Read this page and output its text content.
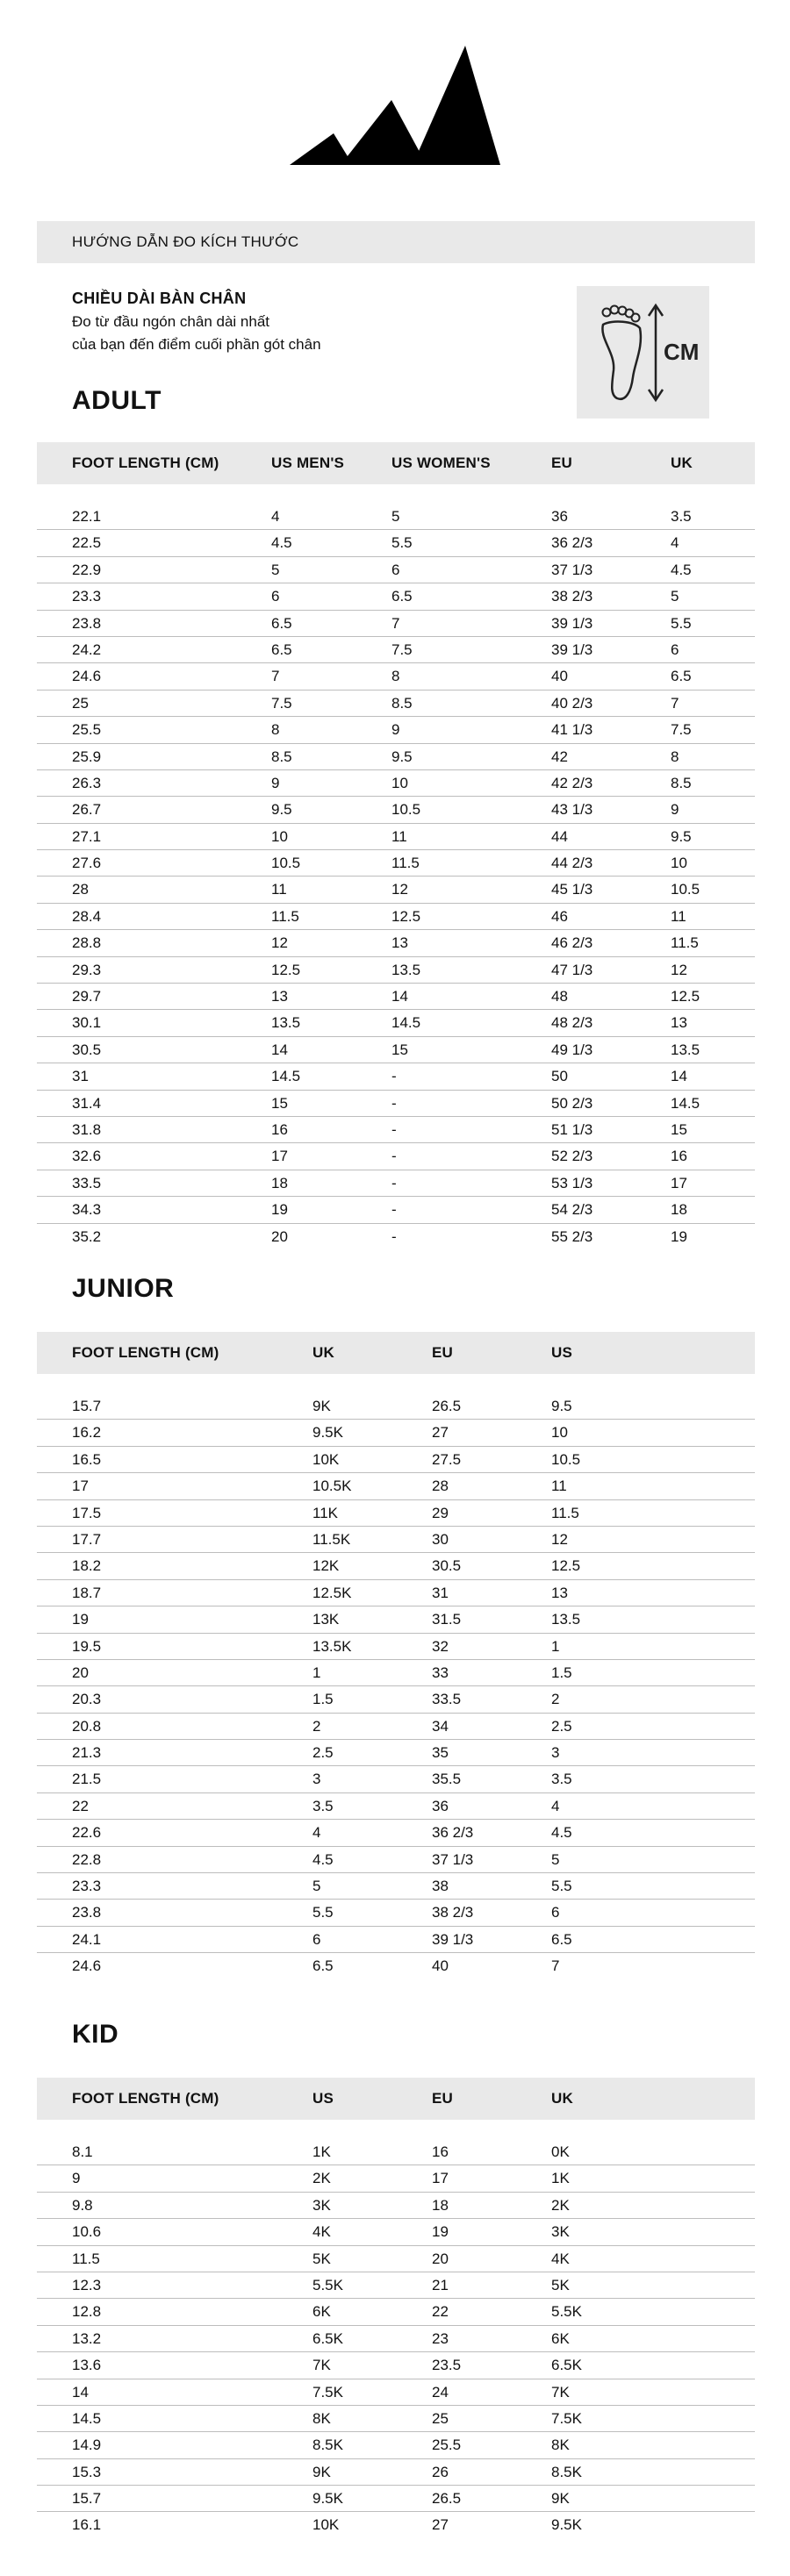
HƯỚNG DẪN ĐO KÍCH THƯỚC
CHIỀU DÀI BÀN CHÂN
Đo từ đầu ngón chân dài nhất
của bạn đến điểm cuối phần gót chân	CM
ADULT
FOOT LENGTH (CM)	US MEN'S	US WOMEN'S	EU	UK
22.1	4	5	36	3.5
22.5	4.5	5.5	36 2/3	4
22.9	5	6	37 1/3	4.5
23.3	6	6.5	38 2/3	5
23.8	6.5	7	39 1/3	5.5
24.2	6.5	7.5	39 1/3	6
24.6	7	8	40	6.5
25	7.5	8.5	40 2/3	7
25.5	8	9	41 1/3	7.5
25.9	8.5	9.5	42	8
26.3	9	10	42 2/3	8.5
26.7	9.5	10.5	43 1/3	9
27.1	10	11	44	9.5
27.6	10.5	11.5	44 2/3	10
28	11	12	45 1/3	10.5
28.4	11.5	12.5	46	11
28.8	12	13	46 2/3	11.5
29.3	12.5	13.5	47 1/3	12
29.7	13	14	48	12.5
30.1	13.5	14.5	48 2/3	13
30.5	14	15	49 1/3	13.5
31	14.5	-	50	14
31.4	15	-	50 2/3	14.5
31.8	16	-	51 1/3	15
32.6	17	-	52 2/3	16
33.5	18	-	53 1/3	17
34.3	19	-	54 2/3	18
35.2	20	-	55 2/3	19
JUNIOR
FOOT LENGTH (CM)	UK	EU	US
15.7	9K	26.5	9.5
16.2	9.5K	27	10
16.5	10K	27.5	10.5
17	10.5K	28	11
17.5	11K	29	11.5
17.7	11.5K	30	12
18.2	12K	30.5	12.5
18.7	12.5K	31	13
19	13K	31.5	13.5
19.5	13.5K	32	1
20	1	33	1.5
20.3	1.5	33.5	2
20.8	2	34	2.5
21.3	2.5	35	3
21.5	3	35.5	3.5
22	3.5	36	4
22.6	4	36 2/3	4.5
22.8	4.5	37 1/3	5
23.3	5	38	5.5
23.8	5.5	38 2/3	6
24.1	6	39 1/3	6.5
24.6	6.5	40	7
KID
FOOT LENGTH (CM)	US	EU	UK
8.1	1K	16	0K
9	2K	17	1K
9.8	3K	18	2K
10.6	4K	19	3K
11.5	5K	20	4K
12.3	5.5K	21	5K
12.8	6K	22	5.5K
13.2	6.5K	23	6K
13.6	7K	23.5	6.5K
14	7.5K	24	7K
14.5	8K	25	7.5K
14.9	8.5K	25.5	8K
15.3	9K	26	8.5K
15.7	9.5K	26.5	9K
16.1	10K	27	9.5K
